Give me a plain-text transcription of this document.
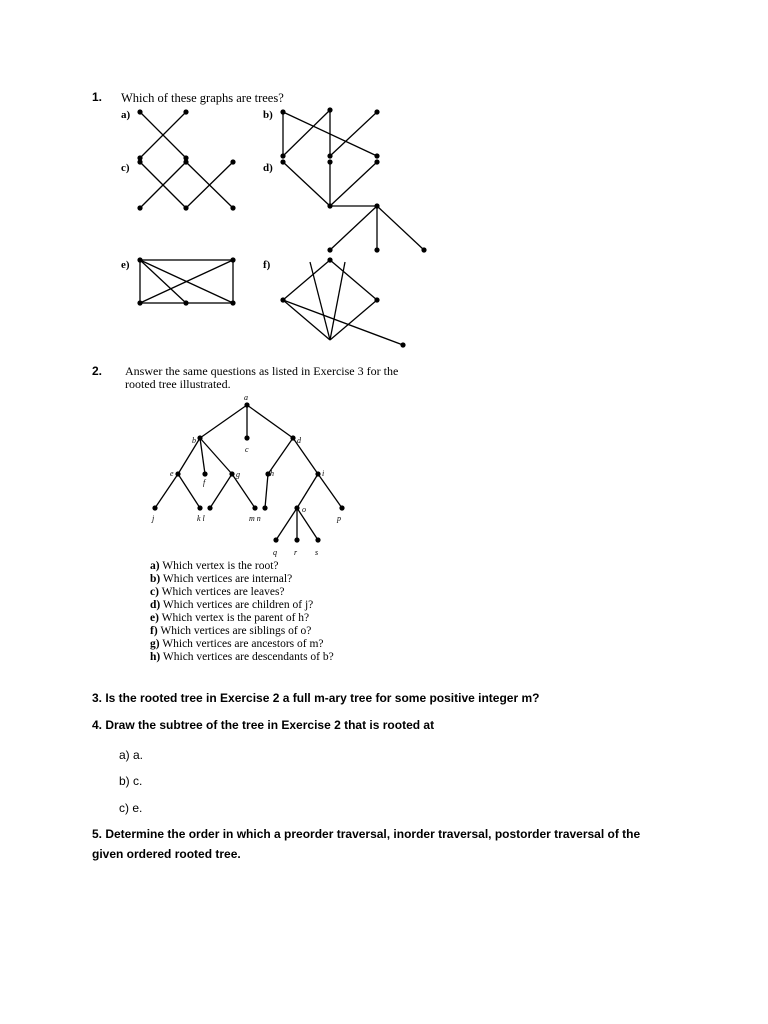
1. Which of these graphs are trees?
a)	b)
c)	d)
e)	f)
2. Answer the same questions as listed in Exercise 3 for the
rooted tree illustrated.
a
b
c
d
e
f
g	h	i
j	k l	m n
o
p
q r s
a) Which vertex is the root?
b) Which vertices are internal?
c) Which vertices are leaves?
d) Which vertices are children of j?
e) Which vertex is the parent of h?
f) Which vertices are siblings of o?
g) Which vertices are ancestors of m?
h) Which vertices are descendants of b?
3. Is the rooted tree in Exercise 2 a full m-ary tree for some positive integer m?
4. Draw the subtree of the tree in Exercise 2 that is rooted at
a) a.
b) c.
c) e.
5. Determine the order in which a preorder traversal, inorder traversal, postorder traversal of the
given ordered rooted tree.
